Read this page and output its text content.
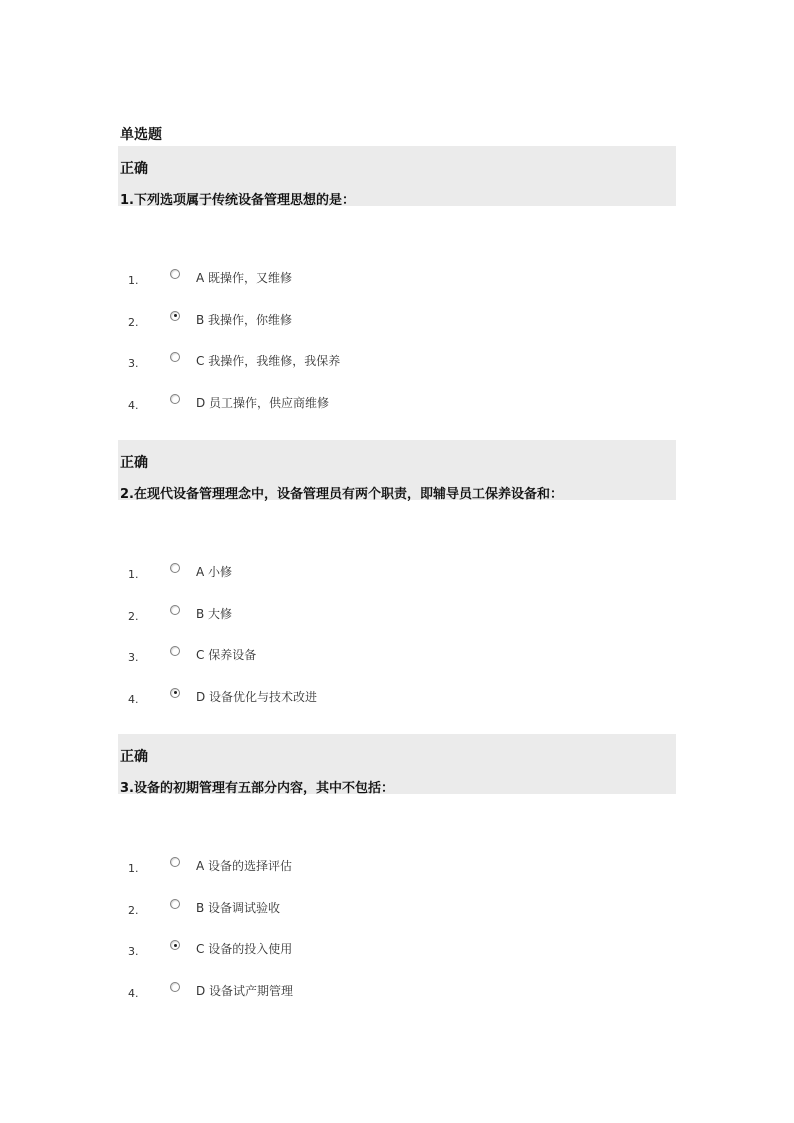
单选题
正确
1.下列选项属于传统设备管理思想的是：
1.	A 既操作，又维修
2.	B 我操作，你维修
3.	C 我操作，我维修，我保养
4.	D 员工操作，供应商维修
正确
2.在现代设备管理理念中，设备管理员有两个职责，即辅导员工保养设备和：
1.	A 小修
2.	B 大修
3.	C 保养设备
4.	D 设备优化与技术改进
正确
3.设备的初期管理有五部分内容，其中不包括：
1.	A 设备的选择评估
2.	B 设备调试验收
3.	C 设备的投入使用
4.	D 设备试产期管理
